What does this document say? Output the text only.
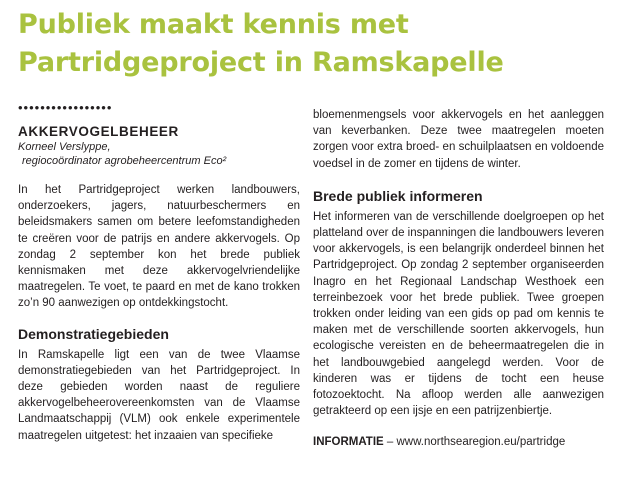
Publiek maakt kennis met Partridgeproject in Ramskapelle
•••••••••••••••••
AKKERVOGELBEHEER
Korneel Verslyppe,
regiocoördinator agrobeheercentrum Eco²

In het Partridgeproject werken landbouwers, onderzoekers, jagers, natuurbeschermers en beleidsmakers samen om betere leefomstandigheden te creëren voor de patrijs en andere akkervogels. Op zondag 2 september kon het brede publiek kennismaken met deze akkervogelvriendelijke maatregelen. Te voet, te paard en met de kano trokken zo’n 90 aanwezigen op ontdekkingstocht.

Demonstratiegebieden

In Ramskapelle ligt een van de twee Vlaamse demonstratiegebieden van het Partridgeproject. In deze gebieden worden naast de reguliere akkervogelbeheerovereenkomsten van de Vlaamse Landmaatschappij (VLM) ook enkele experimentele maatregelen uitgetest: het inzaaien van specifieke

bloemenmengsels voor akkervogels en het aanleggen van keverbanken. Deze twee maatregelen moeten zorgen voor extra broed- en schuilplaatsen en voldoende voedsel in de zomer en tijdens de winter.

Brede publiek informeren

Het informeren van de verschillende doelgroepen op het platteland over de inspanningen die landbouwers leveren voor akkervogels, is een belangrijk onderdeel binnen het Partridgeproject. Op zondag 2 september organiseerden Inagro en het Regionaal Landschap Westhoek een terreinbezoek voor het brede publiek. Twee groepen trokken onder leiding van een gids op pad om kennis te maken met de verschillende soorten akkervogels, hun ecologische vereisten en de beheermaatregelen die in het landbouwgebied aangelegd werden. Voor de kinderen was er tijdens de tocht een heuse fotozoektocht. Na afloop werden alle aanwezigen getrakteerd op een ijsje en een patrijzenbiertje.

INFORMATIE – www.northsearegion.eu/partridge
